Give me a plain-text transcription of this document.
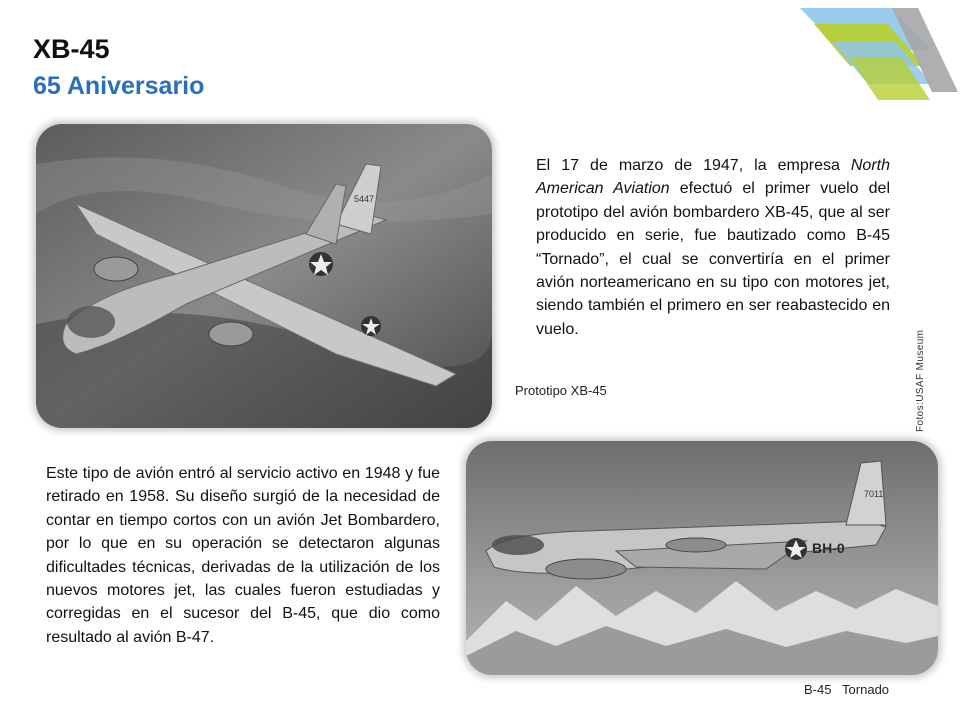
XB-45
65 Aniversario
5447

El 17 de marzo de 1947, la empresa North American Aviation efectuó el primer vuelo del prototipo del avión bombardero XB-45, que al ser producido en serie, fue bautizado como B-45 “Tornado”, el cual se convertiría en el primer avión norteamericano en su tipo con motores jet, siendo también el primero en ser reabastecido en vuelo.

Prototipo XB-45	Fotos:USAF Museum

Este tipo de avión entró al servicio activo en 1948 y fue retirado en 1958. Su diseño surgió de la necesidad de contar en tiempo cortos con un avión Jet Bombardero, por lo que en su operación se detectaron algunas dificultades técnicas, derivadas de la utilización de los nuevos motores jet, las cuales fueron estudiadas y corregidas en el sucesor del B-45, que dio como resultado al avión B-47.

7011
BH-0
B-45   Tornado
